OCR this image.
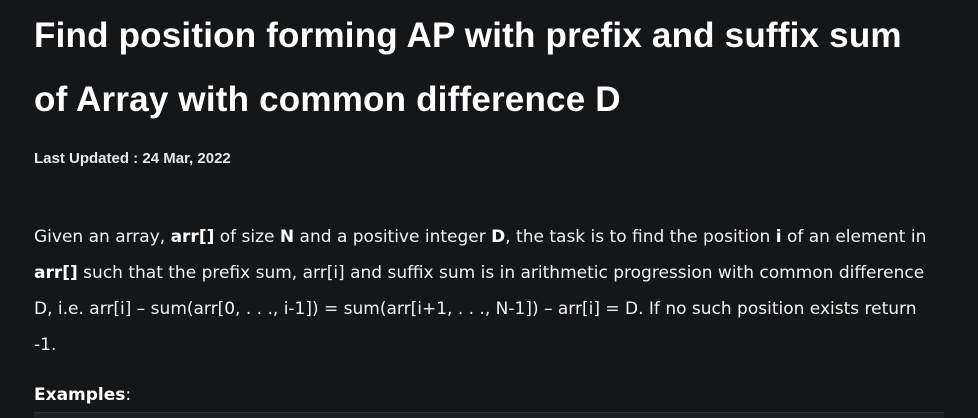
Find position forming AP with prefix and suffix sum of Array with common difference D
Last Updated : 24 Mar, 2022

Given an array, arr[] of size N and a positive integer D, the task is to find the position i of an element in arr[] such that the prefix sum, arr[i] and suffix sum is in arithmetic progression with common difference D, i.e. arr[i] – sum(arr[0, . . ., i-1]) = sum(arr[i+1, . . ., N-1]) – arr[i] = D. If no such position exists return -1.

Examples:
